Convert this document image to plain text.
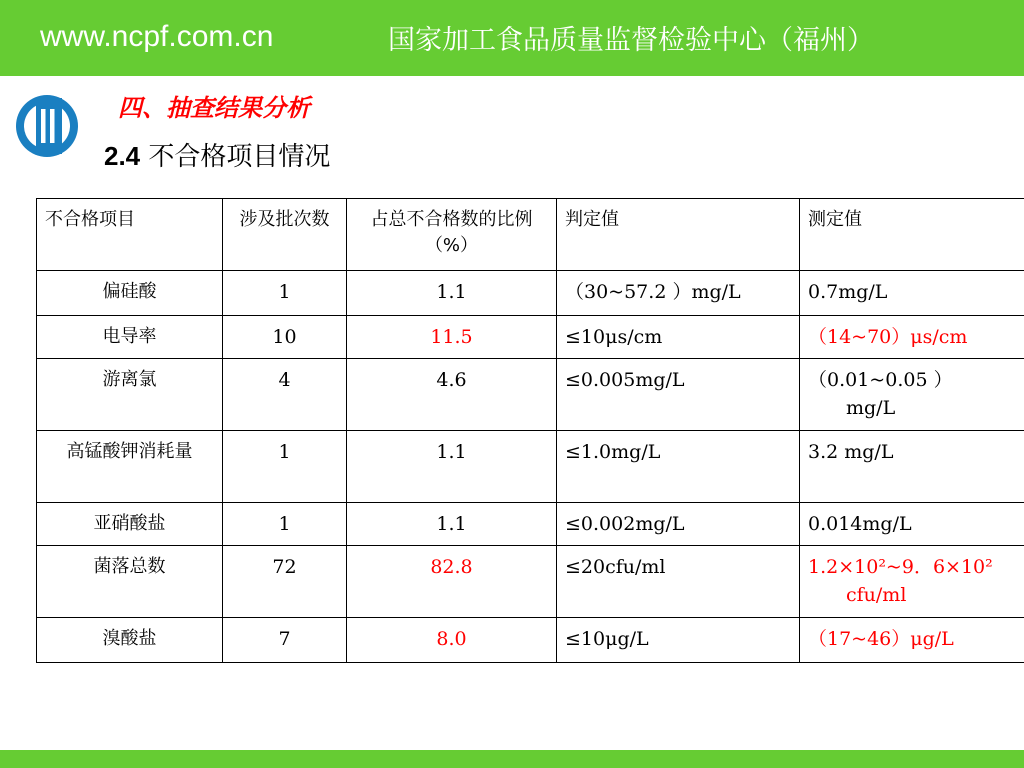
www.ncpf.com.cn	国家加工食品质量监督检验中心（福州）
四、抽查结果分析
2.4 不合格项目情况
不合格项目	涉及批次数	占总不合格数的比例（%）	判定值	测定值
偏硅酸	1	1.1	（30~57.2 ）mg/L	0.7mg/L
电导率	10	11.5	≤10μs/cm	（14~70）μs/cm
游离氯	4	4.6	≤0.005mg/L	（0.01~0.05 ）
mg/L
高锰酸钾消耗量	1	1.1	≤1.0mg/L	3.2 mg/L
亚硝酸盐	1	1.1	≤0.002mg/L	0.014mg/L
菌落总数	72	82.8	≤20cfu/ml	1.2×10²~9．6×10²
cfu/ml
溴酸盐	7	8.0	≤10μg/L	（17~46）μg/L
